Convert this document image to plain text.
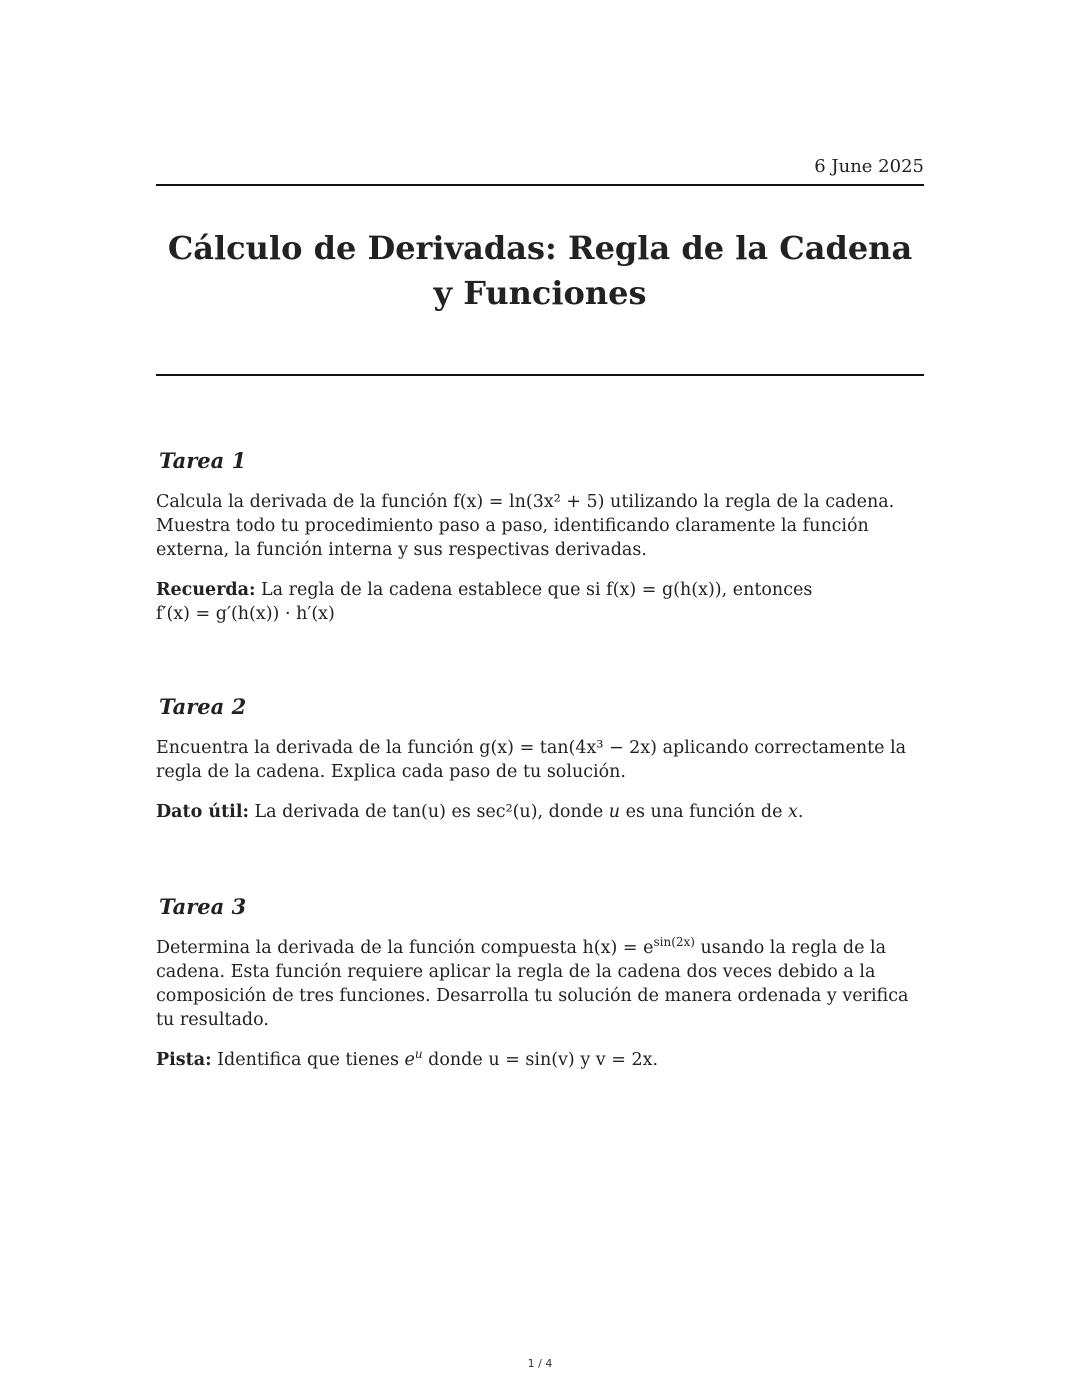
6 June 2025
Cálculo de Derivadas: Regla de la Cadena y Funciones
Tarea 1

Calcula la derivada de la función f(x) = ln(3x² + 5) utilizando la regla de la cadena. Muestra todo tu procedimiento paso a paso, identificando claramente la función externa, la función interna y sus respectivas derivadas.

Recuerda: La regla de la cadena establece que si f(x) = g(h(x)), entonces
f′(x) = g′(h(x)) · h′(x)

Tarea 2

Encuentra la derivada de la función g(x) = tan(4x³ − 2x) aplicando correctamente la regla de la cadena. Explica cada paso de tu solución.

Dato útil: La derivada de tan(u) es sec²(u), donde u es una función de x.

Tarea 3

Determina la derivada de la función compuesta $h(x) = e^{sin(2x)}$ usando la regla de la cadena. Esta función requiere aplicar la regla de la cadena dos veces debido a la composición de tres funciones. Desarrolla tu solución de manera ordenada y verifica tu resultado.

Pista: Identifica que tienes $e^u$ donde u = sin(v) y v = 2x.

1 / 4
